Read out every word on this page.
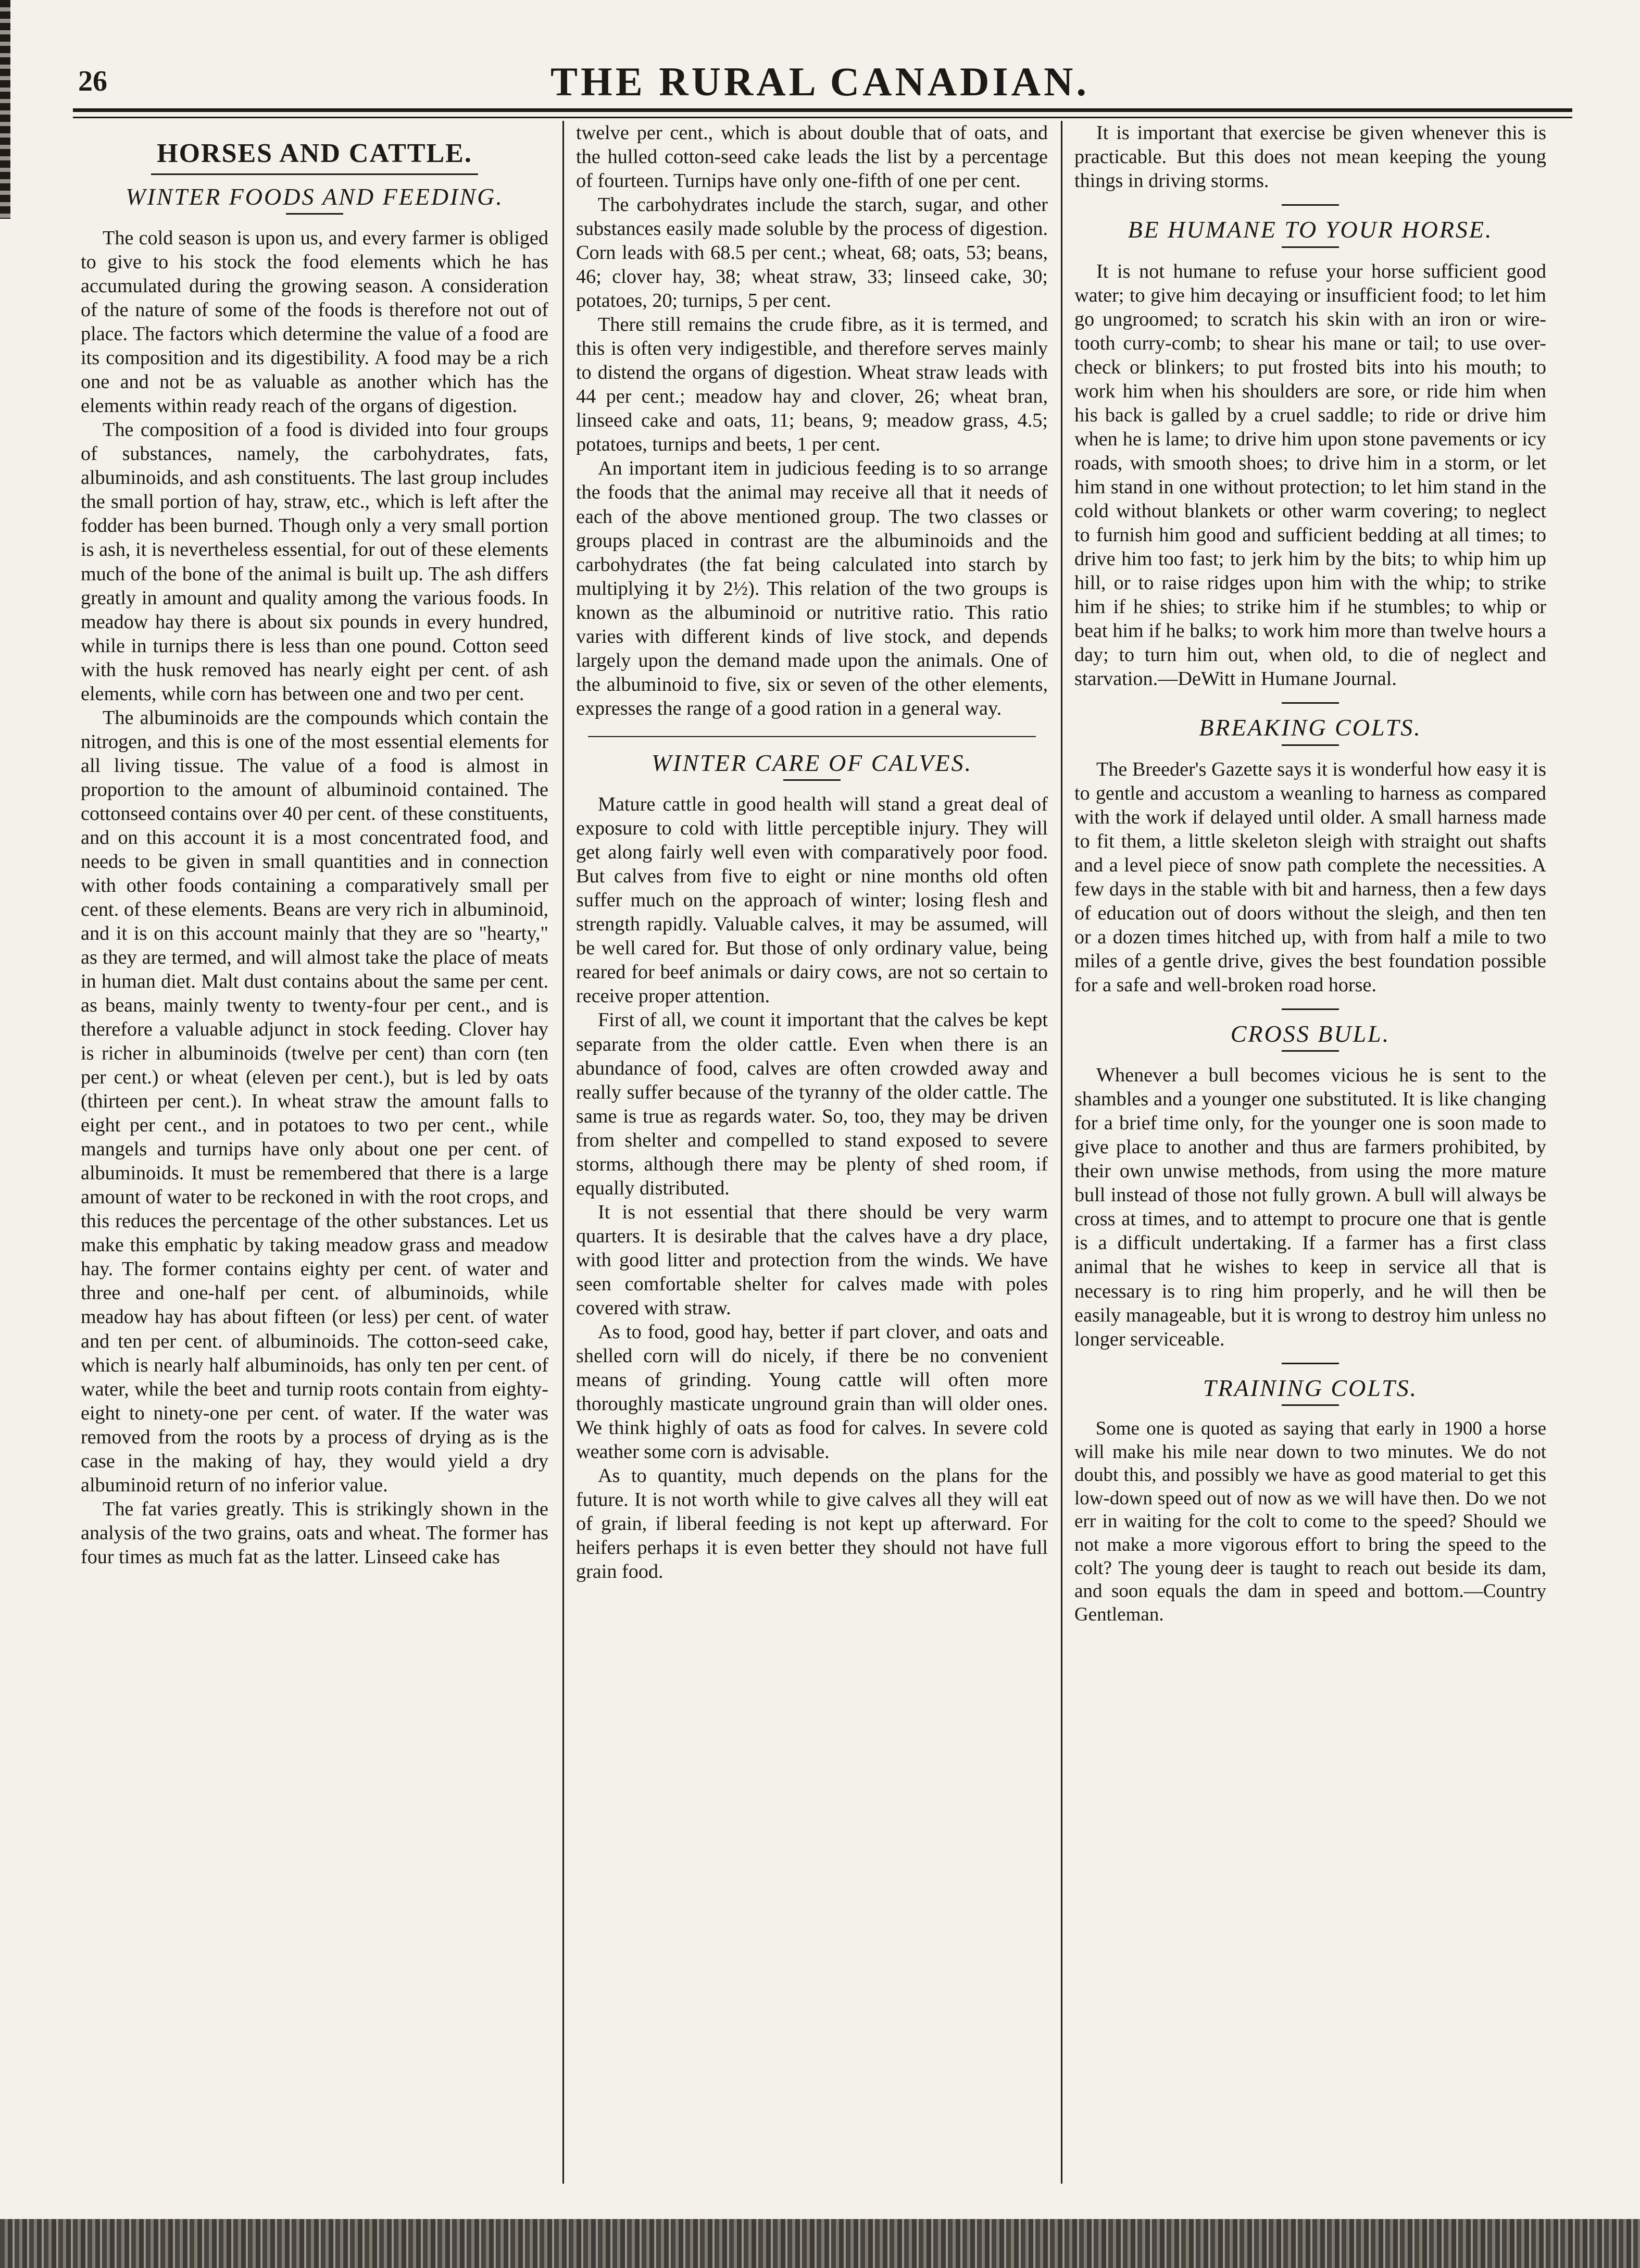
26	THE RURAL CANADIAN.
HORSES AND CATTLE.
WINTER FOODS AND FEEDING.

The cold season is upon us, and every farmer is obliged to give to his stock the food elements which he has accumulated during the growing season. A consideration of the nature of some of the foods is therefore not out of place. The factors which determine the value of a food are its composition and its digestibility. A food may be a rich one and not be as valuable as another which has the elements within ready reach of the organs of digestion.

The composition of a food is divided into four groups of substances, namely, the carbohydrates, fats, albuminoids, and ash constituents. The last group includes the small portion of hay, straw, etc., which is left after the fodder has been burned. Though only a very small portion is ash, it is nevertheless essential, for out of these elements much of the bone of the animal is built up. The ash differs greatly in amount and quality among the various foods. In meadow hay there is about six pounds in every hundred, while in turnips there is less than one pound. Cotton seed with the husk removed has nearly eight per cent. of ash elements, while corn has between one and two per cent.

The albuminoids are the compounds which contain the nitrogen, and this is one of the most essential elements for all living tissue. The value of a food is almost in proportion to the amount of albuminoid contained. The cottonseed contains over 40 per cent. of these constituents, and on this account it is a most concentrated food, and needs to be given in small quantities and in connection with other foods containing a comparatively small per cent. of these elements. Beans are very rich in albuminoid, and it is on this account mainly that they are so "hearty," as they are termed, and will almost take the place of meats in human diet. Malt dust contains about the same per cent. as beans, mainly twenty to twenty-four per cent., and is therefore a valuable adjunct in stock feeding. Clover hay is richer in albuminoids (twelve per cent) than corn (ten per cent.) or wheat (eleven per cent.), but is led by oats (thirteen per cent.). In wheat straw the amount falls to eight per cent., and in potatoes to two per cent., while mangels and turnips have only about one per cent. of albuminoids. It must be remembered that there is a large amount of water to be reckoned in with the root crops, and this reduces the percentage of the other substances. Let us make this emphatic by taking meadow grass and meadow hay. The former contains eighty per cent. of water and three and one-half per cent. of albuminoids, while meadow hay has about fifteen (or less) per cent. of water and ten per cent. of albuminoids. The cotton-seed cake, which is nearly half albuminoids, has only ten per cent. of water, while the beet and turnip roots contain from eighty-eight to ninety-one per cent. of water. If the water was removed from the roots by a process of drying as is the case in the making of hay, they would yield a dry albuminoid return of no inferior value.

The fat varies greatly. This is strikingly shown in the analysis of the two grains, oats and wheat. The former has four times as much fat as the latter. Linseed cake has

twelve per cent., which is about double that of oats, and the hulled cotton-seed cake leads the list by a percentage of fourteen. Turnips have only one-fifth of one per cent.

The carbohydrates include the starch, sugar, and other substances easily made soluble by the process of digestion. Corn leads with 68.5 per cent.; wheat, 68; oats, 53; beans, 46; clover hay, 38; wheat straw, 33; linseed cake, 30; potatoes, 20; turnips, 5 per cent.

There still remains the crude fibre, as it is termed, and this is often very indigestible, and therefore serves mainly to distend the organs of digestion. Wheat straw leads with 44 per cent.; meadow hay and clover, 26; wheat bran, linseed cake and oats, 11; beans, 9; meadow grass, 4.5; potatoes, turnips and beets, 1 per cent.

An important item in judicious feeding is to so arrange the foods that the animal may receive all that it needs of each of the above mentioned group. The two classes or groups placed in contrast are the albuminoids and the carbohydrates (the fat being calculated into starch by multiplying it by 2½). This relation of the two groups is known as the albuminoid or nutritive ratio. This ratio varies with different kinds of live stock, and depends largely upon the demand made upon the animals. One of the albuminoid to five, six or seven of the other elements, expresses the range of a good ration in a general way.

WINTER CARE OF CALVES.

Mature cattle in good health will stand a great deal of exposure to cold with little perceptible injury. They will get along fairly well even with comparatively poor food. But calves from five to eight or nine months old often suffer much on the approach of winter; losing flesh and strength rapidly. Valuable calves, it may be assumed, will be well cared for. But those of only ordinary value, being reared for beef animals or dairy cows, are not so certain to receive proper attention.

First of all, we count it important that the calves be kept separate from the older cattle. Even when there is an abundance of food, calves are often crowded away and really suffer because of the tyranny of the older cattle. The same is true as regards water. So, too, they may be driven from shelter and compelled to stand exposed to severe storms, although there may be plenty of shed room, if equally distributed.

It is not essential that there should be very warm quarters. It is desirable that the calves have a dry place, with good litter and protection from the winds. We have seen comfortable shelter for calves made with poles covered with straw.

As to food, good hay, better if part clover, and oats and shelled corn will do nicely, if there be no convenient means of grinding. Young cattle will often more thoroughly masticate unground grain than will older ones. We think highly of oats as food for calves. In severe cold weather some corn is advisable.

As to quantity, much depends on the plans for the future. It is not worth while to give calves all they will eat of grain, if liberal feeding is not kept up afterward. For heifers perhaps it is even better they should not have full grain food.

It is important that exercise be given whenever this is practicable. But this does not mean keeping the young things in driving storms.

BE HUMANE TO YOUR HORSE.

It is not humane to refuse your horse sufficient good water; to give him decaying or insufficient food; to let him go ungroomed; to scratch his skin with an iron or wire-tooth curry-comb; to shear his mane or tail; to use over-check or blinkers; to put frosted bits into his mouth; to work him when his shoulders are sore, or ride him when his back is galled by a cruel saddle; to ride or drive him when he is lame; to drive him upon stone pavements or icy roads, with smooth shoes; to drive him in a storm, or let him stand in one without protection; to let him stand in the cold without blankets or other warm covering; to neglect to furnish him good and sufficient bedding at all times; to drive him too fast; to jerk him by the bits; to whip him up hill, or to raise ridges upon him with the whip; to strike him if he shies; to strike him if he stumbles; to whip or beat him if he balks; to work him more than twelve hours a day; to turn him out, when old, to die of neglect and starvation.—DeWitt in Humane Journal.

BREAKING COLTS.

The Breeder's Gazette says it is wonderful how easy it is to gentle and accustom a weanling to harness as compared with the work if delayed until older. A small harness made to fit them, a little skeleton sleigh with straight out shafts and a level piece of snow path complete the necessities. A few days in the stable with bit and harness, then a few days of education out of doors without the sleigh, and then ten or a dozen times hitched up, with from half a mile to two miles of a gentle drive, gives the best foundation possible for a safe and well-broken road horse.

CROSS BULL.

Whenever a bull becomes vicious he is sent to the shambles and a younger one substituted. It is like changing for a brief time only, for the younger one is soon made to give place to another and thus are farmers prohibited, by their own unwise methods, from using the more mature bull instead of those not fully grown. A bull will always be cross at times, and to attempt to procure one that is gentle is a difficult undertaking. If a farmer has a first class animal that he wishes to keep in service all that is necessary is to ring him properly, and he will then be easily manageable, but it is wrong to destroy him unless no longer serviceable.

TRAINING COLTS.

Some one is quoted as saying that early in 1900 a horse will make his mile near down to two minutes. We do not doubt this, and possibly we have as good material to get this low-down speed out of now as we will have then. Do we not err in waiting for the colt to come to the speed? Should we not make a more vigorous effort to bring the speed to the colt? The young deer is taught to reach out beside its dam, and soon equals the dam in speed and bottom.—Country Gentleman.
